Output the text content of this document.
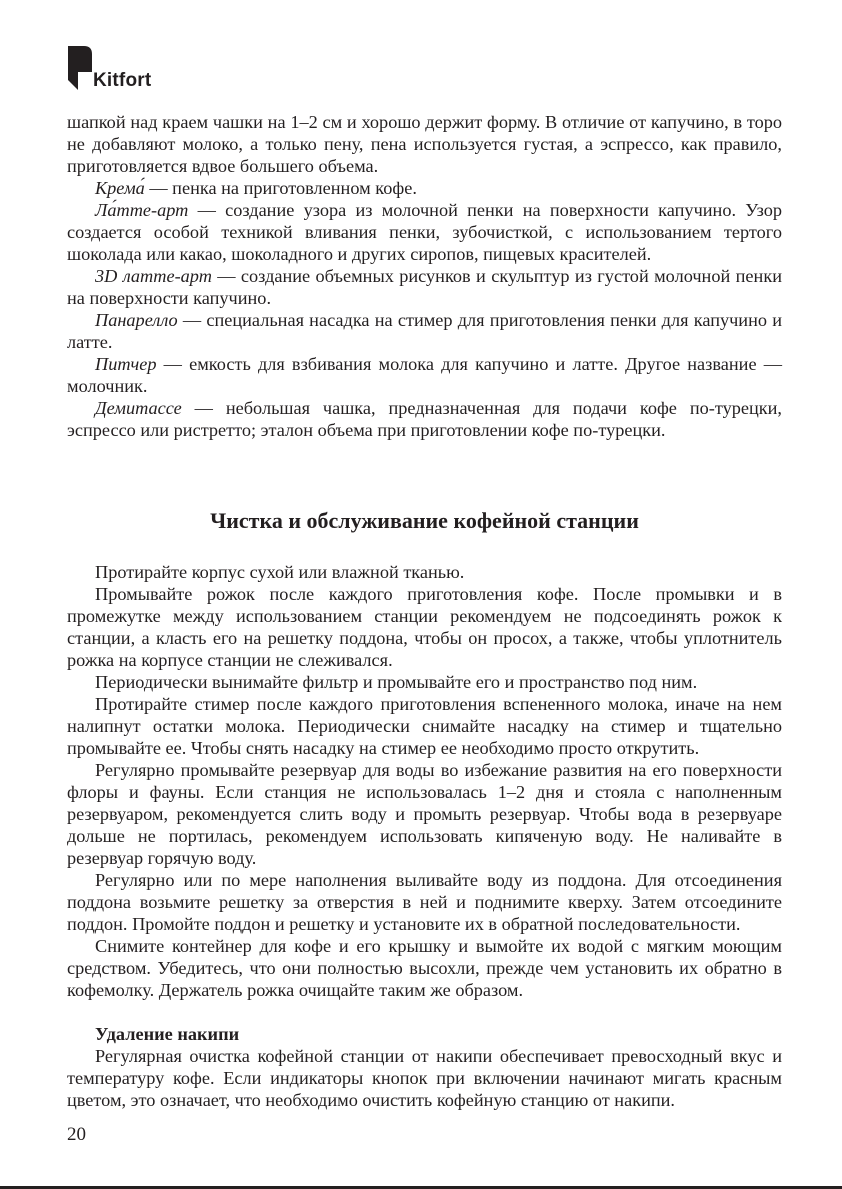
Kitfort

шапкой над краем чашки на 1–2 см и хорошо держит форму. В отличие от капучино, в торо не добавляют молоко, а только пену, пена используется густая, а эспрессо, как правило, приготовляется вдвое большего объема.

Крема́ — пенка на приготовленном кофе.

Ла́тте-арт — создание узора из молочной пенки на поверхности капучино. Узор создается особой техникой вливания пенки, зубочисткой, с использованием тертого шоколада или какао, шоколадного и других сиропов, пищевых красителей.

3D латте-арт — создание объемных рисунков и скульптур из густой молочной пенки на поверхности капучино.

Панарелло — специальная насадка на стимер для приготовления пенки для капучино и латте.

Питчер — емкость для взбивания молока для капучино и латте. Другое название — молочник.

Демитассе — небольшая чашка, предназначенная для подачи кофе по-турецки, эспрессо или ристретто; эталон объема при приготовлении кофе по-турецки.

Чистка и обслуживание кофейной станции

Протирайте корпус сухой или влажной тканью.

Промывайте рожок после каждого приготовления кофе. После промывки и в промежутке между использованием станции рекомендуем не подсоединять рожок к станции, а класть его на решетку поддона, чтобы он просох, а также, чтобы уплотнитель рожка на корпусе станции не слеживался.

Периодически вынимайте фильтр и промывайте его и пространство под ним.

Протирайте стимер после каждого приготовления вспененного молока, иначе на нем налипнут остатки молока. Периодически снимайте насадку на стимер и тщательно промывайте ее. Чтобы снять насадку на стимер ее необходимо просто открутить.

Регулярно промывайте резервуар для воды во избежание развития на его поверхности флоры и фауны. Если станция не использовалась 1–2 дня и стояла с наполненным резервуаром, рекомендуется слить воду и промыть резервуар. Чтобы вода в резервуаре дольше не портилась, рекомендуем использовать кипяченую воду. Не наливайте в резервуар горячую воду.

Регулярно или по мере наполнения выливайте воду из поддона. Для отсоединения поддона возьмите решетку за отверстия в ней и поднимите кверху. Затем отсоедините поддон. Промойте поддон и решетку и установите их в обратной последовательности.

Снимите контейнер для кофе и его крышку и вымойте их водой с мягким моющим средством. Убедитесь, что они полностью высохли, прежде чем установить их обратно в кофемолку. Держатель рожка очищайте таким же образом.

Удаление накипи

Регулярная очистка кофейной станции от накипи обеспечивает превосходный вкус и температуру кофе. Если индикаторы кнопок при включении начинают мигать красным цветом, это означает, что необходимо очистить кофейную станцию от накипи.

20
